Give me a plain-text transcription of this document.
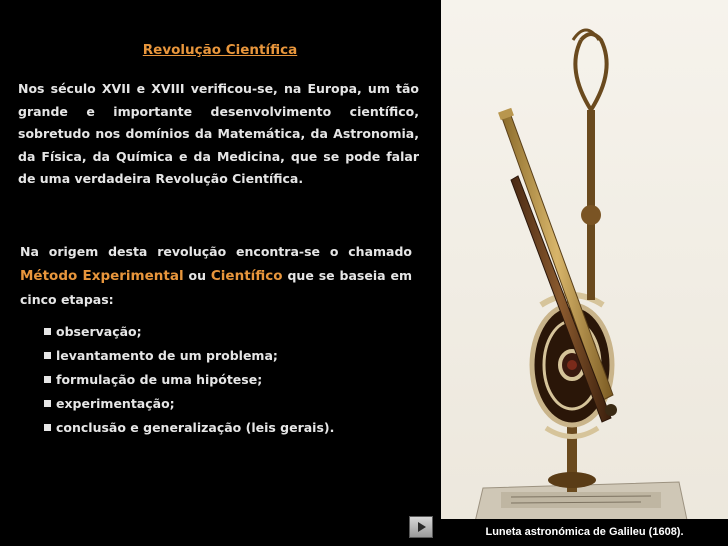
Revolução Científica

Nos século XVII e XVIII verificou-se, na Europa, um tão grande e importante desenvolvimento científico, sobretudo nos domínios da Matemática, da Astronomia, da Física, da Química e da Medicina, que se pode falar de uma verdadeira Revolução Científica.

Na origem desta revolução encontra-se o chamado Método Experimental ou Científico que se baseia em cinco etapas:

observação;
levantamento de um problema;
formulação de uma hipótese;
experimentação;
conclusão e generalização (leis gerais).
Luneta astronómica de Galileu (1608).
